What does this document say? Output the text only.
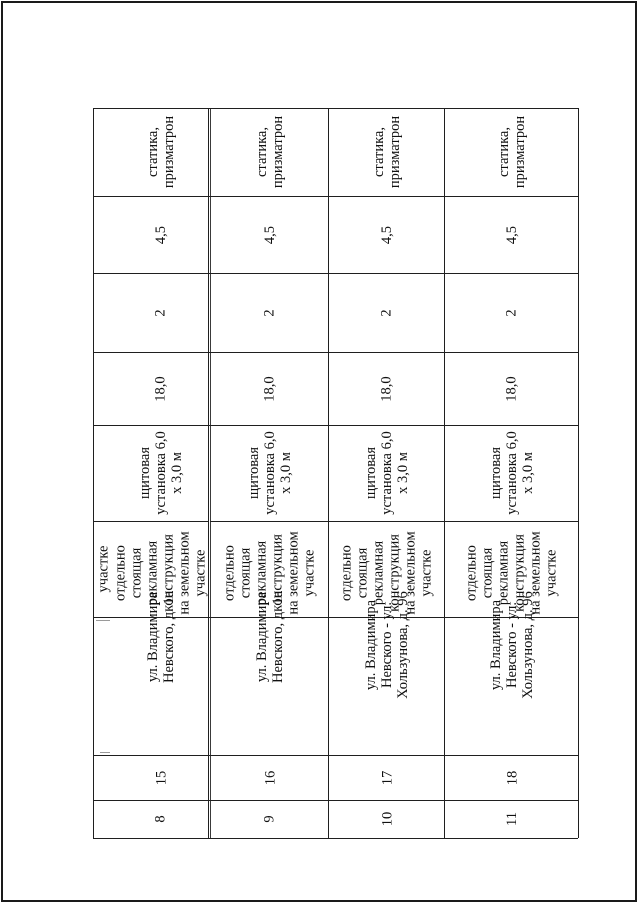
участке
статика, призматрон
4,5
2
18,0
щитовая установка 6,0 х 3,0 м
отдельно стоящая рекламная конструкция на земельном участке
ул. Владимира Невского, д. 1а
15
8
статика, призматрон
4,5
2
18,0
щитовая установка 6,0 х 3,0 м
отдельно стоящая рекламная конструкция на земельном участке
ул. Владимира Невского, д. 1а
16
9
статика, призматрон
4,5
2
18,0
щитовая установка 6,0 х 3,0 м
отдельно стоящая рекламная конструкция на земельном участке
ул. Владимира Невского - ул. Хользунова, д. 96
17
10
статика, призматрон
4,5
2
18,0
щитовая установка 6,0 х 3,0 м
отдельно стоящая рекламная конструкция на земельном участке
ул. Владимира Невского - ул. Хользунова, д. 96
18
11
